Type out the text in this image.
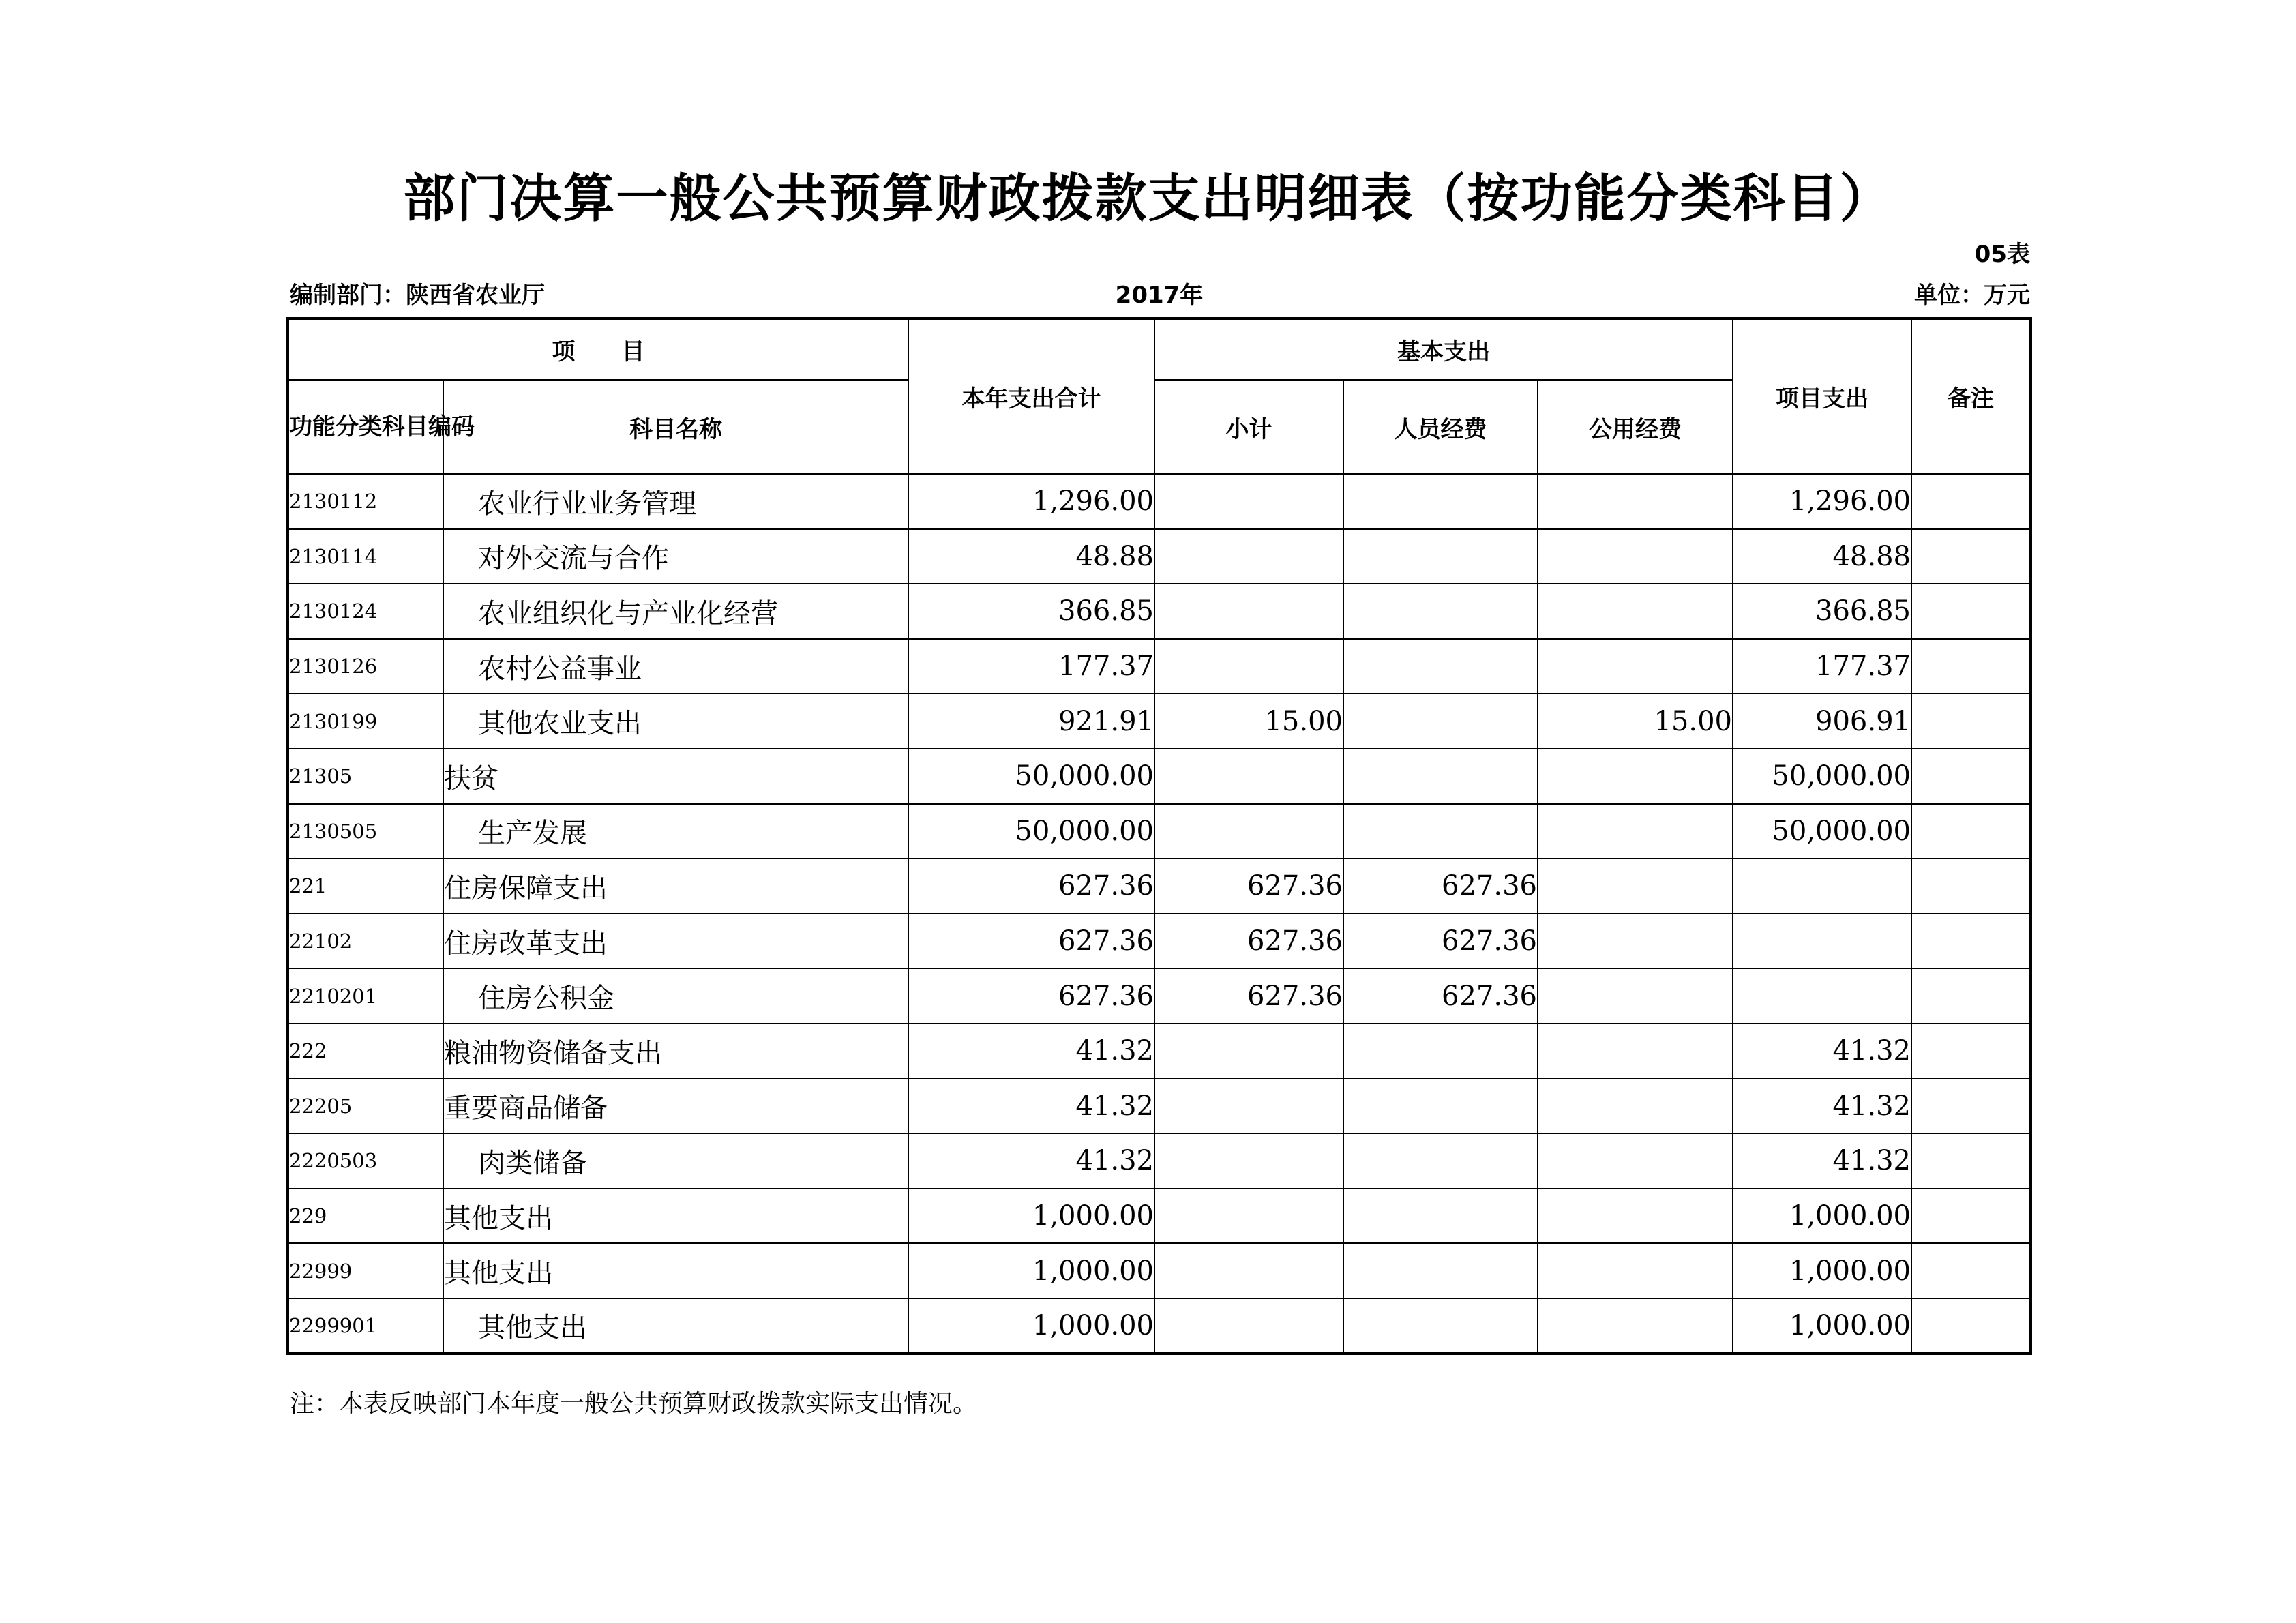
部门决算一般公共预算财政拨款支出明细表（按功能分类科目）
05表
编制部门：陕西省农业厅	2017年	单位：万元
项　　目		本年支出合计	基本支出			项目支出	备注
功能分类科目编码	科目名称		小计	人员经费	公用经费		
2130112	农业行业业务管理	1,296.00				1,296.00	
2130114	对外交流与合作	48.88				48.88	
2130124	农业组织化与产业化经营	366.85				366.85	
2130126	农村公益事业	177.37				177.37	
2130199	其他农业支出	921.91	15.00		15.00	906.91	
21305	扶贫	50,000.00				50,000.00	
2130505	生产发展	50,000.00				50,000.00	
221	住房保障支出	627.36	627.36	627.36			
22102	住房改革支出	627.36	627.36	627.36			
2210201	住房公积金	627.36	627.36	627.36			
222	粮油物资储备支出	41.32				41.32	
22205	重要商品储备	41.32				41.32	
2220503	肉类储备	41.32				41.32	
229	其他支出	1,000.00				1,000.00	
22999	其他支出	1,000.00				1,000.00	
2299901	其他支出	1,000.00				1,000.00	
注：本表反映部门本年度一般公共预算财政拨款实际支出情况。
